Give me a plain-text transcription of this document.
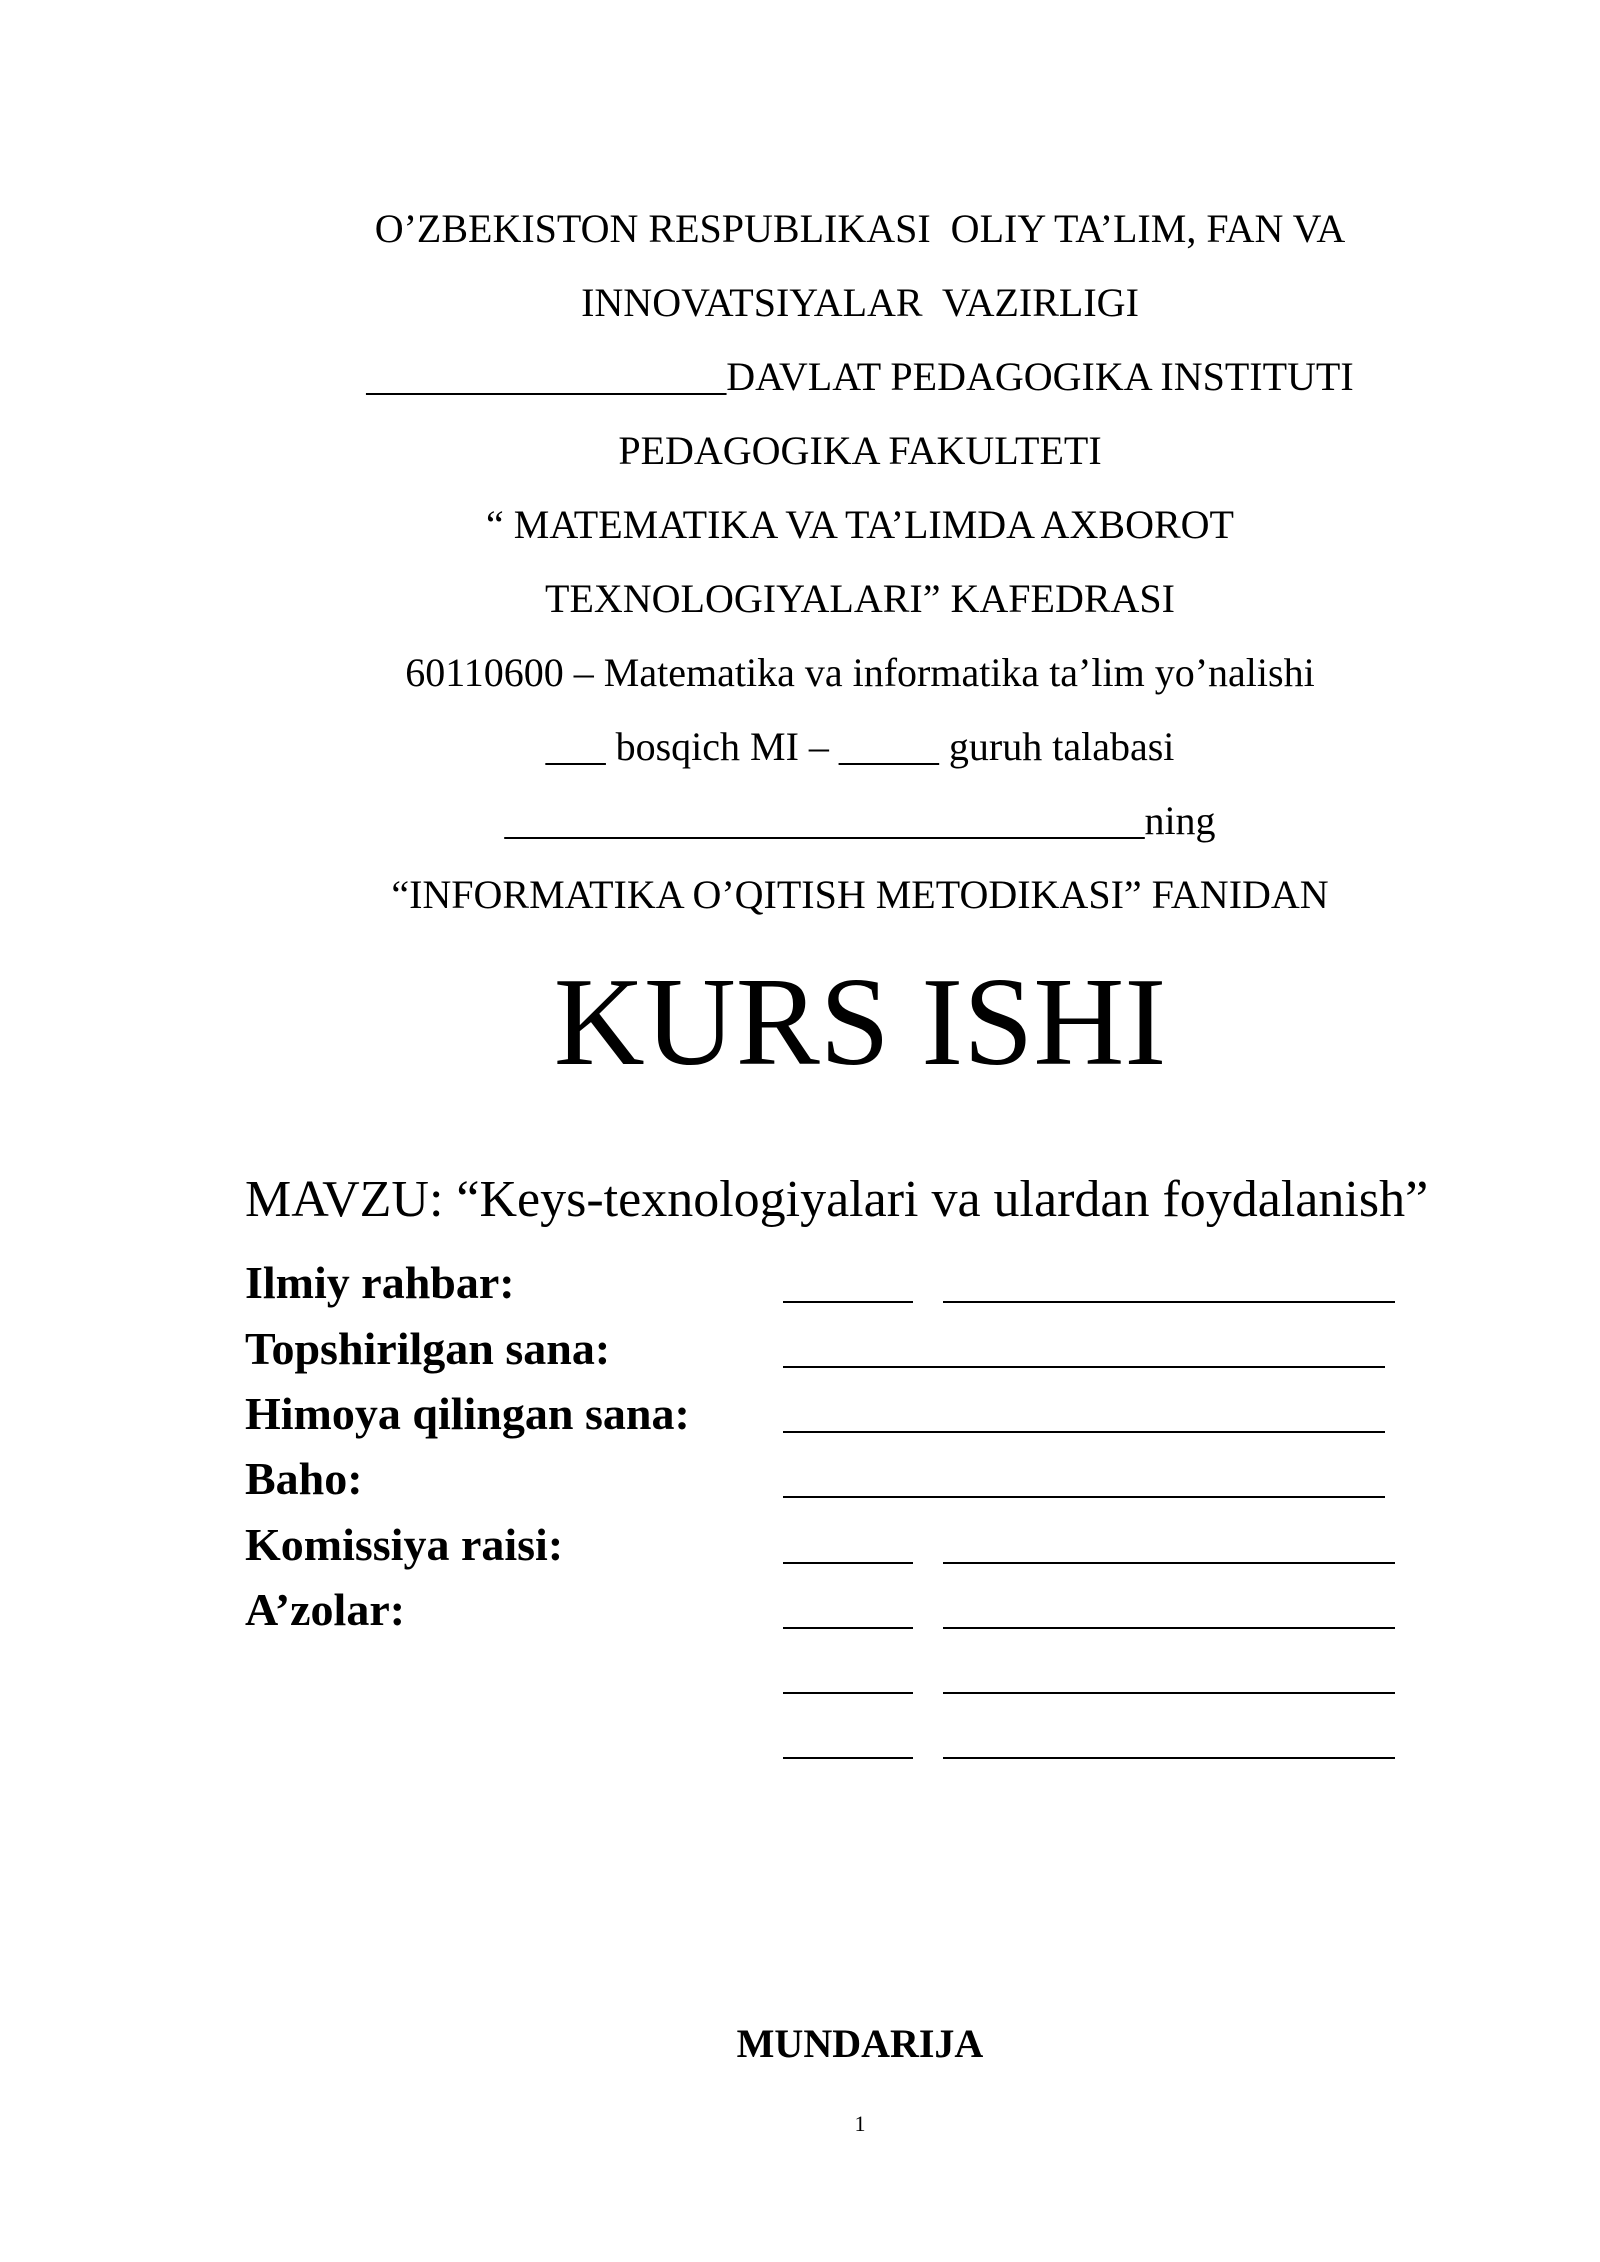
O’ZBEKISTON RESPUBLIKASI  OLIY TA’LIM, FAN VA
INNOVATSIYALAR  VAZIRLIGI
__________________DAVLAT PEDAGOGIKA INSTITUTI
PEDAGOGIKA FAKULTETI
“ MATEMATIKA VA TA’LIMDA AXBOROT
TEXNOLOGIYALARI” KAFEDRASI
60110600 – Matematika va informatika ta’lim yo’nalishi
___ bosqich MI – _____ guruh talabasi
________________________________ning
“INFORMATIKA O’QITISH METODIKASI” FANIDAN
KURS ISHI
MAVZU: “Keys-texnologiyalari va ulardan foydalanish”
Ilmiy rahbar:
Topshirilgan sana:
Himoya qilingan sana:
Baho:
Komissiya raisi:
A’zolar:
MUNDARIJA
1
